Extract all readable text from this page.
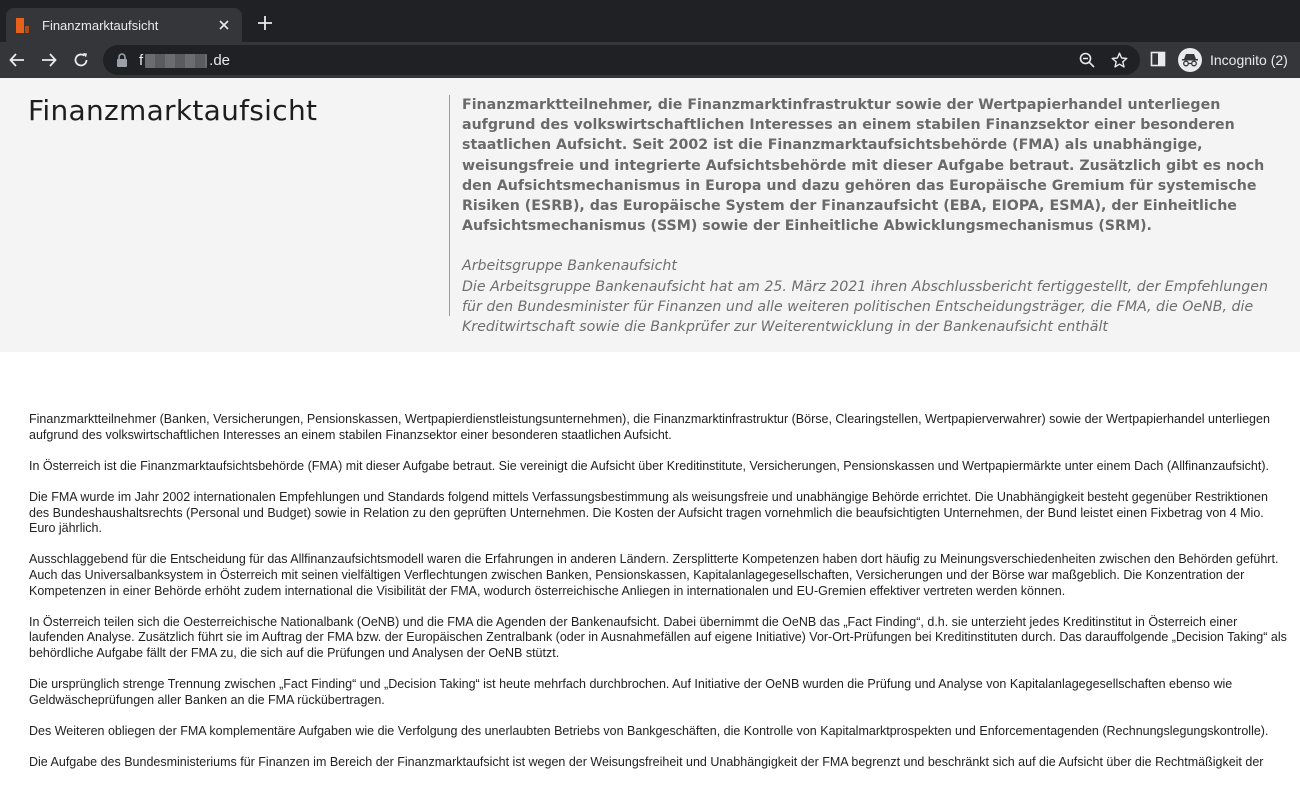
Finanzmarktaufsicht
f	.de	Incognito (2)
Finanzmarktaufsicht	Finanzmarktteilnehmer, die Finanzmarktinfrastruktur sowie der Wertpapierhandel unterliegen aufgrund des volkswirtschaftlichen Interesses an einem stabilen Finanzsektor einer besonderen staatlichen Aufsicht. Seit 2002 ist die Finanzmarktaufsichtsbehörde (FMA) als unabhängige, weisungsfreie und integrierte Aufsichtsbehörde mit dieser Aufgabe betraut. Zusätzlich gibt es noch den Aufsichtsmechanismus in Europa und dazu gehören das Europäische Gremium für systemische Risiken (ESRB), das Europäische System der Finanzaufsicht (EBA, EIOPA, ESMA), der Einheitliche Aufsichtsmechanismus (SSM) sowie der Einheitliche Abwicklungsmechanismus (SRM).

Arbeitsgruppe Bankenaufsicht
Die Arbeitsgruppe Bankenaufsicht hat am 25. März 2021 ihren Abschlussbericht fertiggestellt, der Empfehlungen für den Bundesminister für Finanzen und alle weiteren politischen Entscheidungsträger, die FMA, die OeNB, die Kreditwirtschaft sowie die Bankprüfer zur Weiterentwicklung in der Bankenaufsicht enthält

Finanzmarktteilnehmer (Banken, Versicherungen, Pensionskassen, Wertpapierdienstleistungsunternehmen), die Finanzmarktinfrastruktur (Börse, Clearingstellen, Wertpapierverwahrer) sowie der Wertpapierhandel unterliegen aufgrund des volkswirtschaftlichen Interesses an einem stabilen Finanzsektor einer besonderen staatlichen Aufsicht.

In Österreich ist die Finanzmarktaufsichtsbehörde (FMA) mit dieser Aufgabe betraut. Sie vereinigt die Aufsicht über Kreditinstitute, Versicherungen, Pensionskassen und Wertpapiermärkte unter einem Dach (Allfinanzaufsicht).

Die FMA wurde im Jahr 2002 internationalen Empfehlungen und Standards folgend mittels Verfassungsbestimmung als weisungsfreie und unabhängige Behörde errichtet. Die Unabhängigkeit besteht gegenüber Restriktionen des Bundeshaushaltsrechts (Personal und Budget) sowie in Relation zu den geprüften Unternehmen. Die Kosten der Aufsicht tragen vornehmlich die beaufsichtigten Unternehmen, der Bund leistet einen Fixbetrag von 4 Mio. Euro jährlich.

Ausschlaggebend für die Entscheidung für das Allfinanzaufsichtsmodell waren die Erfahrungen in anderen Ländern. Zersplitterte Kompetenzen haben dort häufig zu Meinungsverschiedenheiten zwischen den Behörden geführt. Auch das Universalbanksystem in Österreich mit seinen vielfältigen Verflechtungen zwischen Banken, Pensionskassen, Kapitalanlagegesellschaften, Versicherungen und der Börse war maßgeblich. Die Konzentration der Kompetenzen in einer Behörde erhöht zudem international die Visibilität der FMA, wodurch österreichische Anliegen in internationalen und EU-Gremien effektiver vertreten werden können.

In Österreich teilen sich die Oesterreichische Nationalbank (OeNB) und die FMA die Agenden der Bankenaufsicht. Dabei übernimmt die OeNB das „Fact Finding“, d.h. sie unterzieht jedes Kreditinstitut in Österreich einer laufenden Analyse. Zusätzlich führt sie im Auftrag der FMA bzw. der Europäischen Zentralbank (oder in Ausnahmefällen auf eigene Initiative) Vor-Ort-Prüfungen bei Kreditinstituten durch. Das darauffolgende „Decision Taking“ als behördliche Aufgabe fällt der FMA zu, die sich auf die Prüfungen und Analysen der OeNB stützt.

Die ursprünglich strenge Trennung zwischen „Fact Finding“ und „Decision Taking“ ist heute mehrfach durchbrochen. Auf Initiative der OeNB wurden die Prüfung und Analyse von Kapitalanlagegesellschaften ebenso wie Geldwäscheprüfungen aller Banken an die FMA rückübertragen.

Des Weiteren obliegen der FMA komplementäre Aufgaben wie die Verfolgung des unerlaubten Betriebs von Bankgeschäften, die Kontrolle von Kapitalmarktprospekten und Enforcementagenden (Rechnungslegungskontrolle).

Die Aufgabe des Bundesministeriums für Finanzen im Bereich der Finanzmarktaufsicht ist wegen der Weisungsfreiheit und Unabhängigkeit der FMA begrenzt und beschränkt sich auf die Aufsicht über die Rechtmäßigkeit der
